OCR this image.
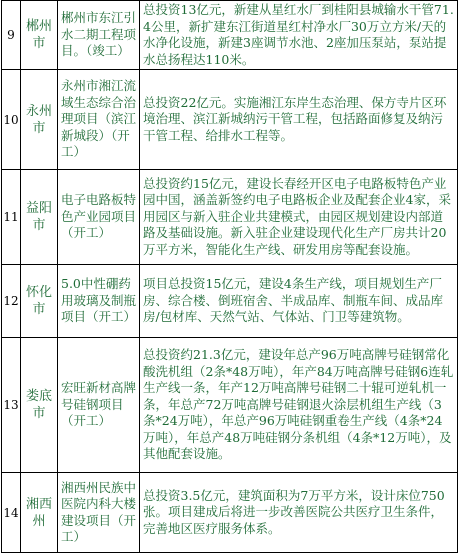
9	郴州市	郴州市东江引水二期工程项目。（竣工）	总投资13亿元，新建从星红水厂到桂阳县城输水干管71.4公里，新扩建东江街道星红村净水厂30万立方米/天的水净化设施，新建3座调节水池、2座加压泵站，泵站提水总扬程达110米。
10	永州市	永州市湘江流域生态综合治理项目（滨江新城段）（开工）	总投资22亿元。实施湘江东岸生态治理、保方寺片区环境治理、滨江新城纳污干管工程，包括路面修复及纳污干管工程、给排水工程等。
11	益阳市	电子电路板特色产业园项目（开工）	总投资约15亿元，建设长春经开区电子电路板特色产业园中国，涵盖新签约电子电路板企业及配套企业4家，采用园区与新入驻企业共建模式，由园区规划建设内部道路及基础设施。新入驻企业建设现代化生产厂房共计20万平方米，智能化生产线、研发用房等配套设施。
12	怀化市	5.0中性硼药用玻璃及制瓶项目（开工）	项目总投资15亿元，建设4条生产线，项目规划生产厂房、综合楼、倒班宿舍、半成品库、制瓶车间、成品库房/包材库、天然气站、气体站、门卫等建筑物。
13	娄底市	宏旺新材高牌号硅钢项目（开工）	总投资约21.3亿元，建设年总产96万吨高牌号硅钢常化酸洗机组（2条*48万吨），年产84万吨高牌号硅钢6连轧生产线一条，年产12万吨高牌号硅钢二十辊可逆轧机一条，年总产72万吨高牌号硅钢退火涂层机组生产线（3条*24万吨），年总产96万吨硅钢重卷生产线（4条*24万吨），年总产48万吨硅钢分条机组（4条*12万吨），及其他配套设施。
14	湘西州	湘西州民族中医院内科大楼建设项目（开工）	总投资3.5亿元，建筑面积为7万平方米，设计床位750张。项目建成后将进一步改善医院公共医疗卫生条件，完善地区医疗服务体系。
